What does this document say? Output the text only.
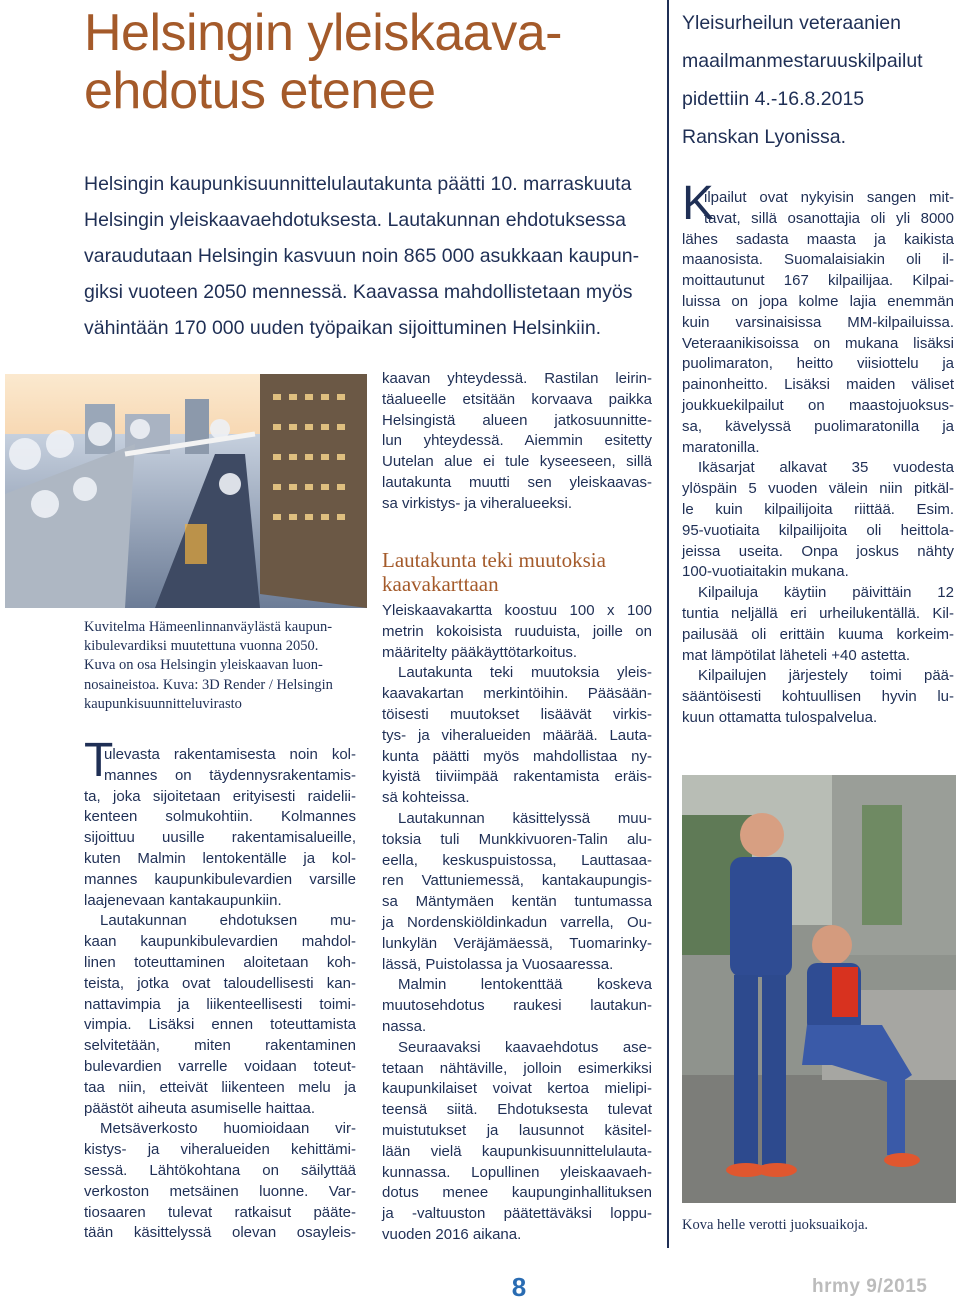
Helsingin yleiskaava-
ehdotus etenee
Helsingin kaupunkisuunnittelulautakunta päätti 10. marraskuuta
Helsingin yleiskaavaehdotuksesta. Lautakunnan ehdotuksessa
varaudutaan Helsingin kasvuun noin 865 000 asukkaan kaupun-
giksi vuoteen 2050 mennessä. Kaavassa mahdollistetaan myös
vähintään 170 000 uuden työpaikan sijoittuminen Helsinkiin.
Kuvitelma Hämeenlinnanväylästä kaupun-
kibulevardiksi muutettuna vuonna 2050.
Kuva on osa Helsingin yleiskaavan luon-
nosaineistoa. Kuva: 3D Render / Helsingin
kaupunkisuunnitteluvirasto
T
ulevasta rakentamisesta noin kol-
mannes on täydennysrakentamis-
ta, joka sijoitetaan erityisesti raidelii-
kenteen solmukohtiin. Kolmannes
sijoittuu uusille rakentamisalueille,
kuten Malmin lentokentälle ja kol-
mannes kaupunkibulevardien varsille
laajenevaan kantakaupunkiin.
Lautakunnan ehdotuksen mu-
kaan kaupunkibulevardien mahdol-
linen toteuttaminen aloitetaan koh-
teista, jotka ovat taloudellisesti kan-
nattavimpia ja liikenteellisesti toimi-
vimpia. Lisäksi ennen toteuttamista
selvitetään, miten rakentaminen
bulevardien varrelle voidaan toteut-
taa niin, etteivät liikenteen melu ja
päästöt aiheuta asumiselle haittaa.
Metsäverkosto huomioidaan vir-
kistys- ja viheralueiden kehittämi-
sessä. Lähtökohtana on säilyttää
verkoston metsäinen luonne. Var-
tiosaaren tulevat ratkaisut pääte-
tään käsittelyssä olevan osayleis-
kaavan yhteydessä. Rastilan leirin-
täalueelle etsitään korvaava paikka
Helsingistä alueen jatkosuunnitte-
lun yhteydessä. Aiemmin esitetty
Uutelan alue ei tule kyseeseen, sillä
lautakunta muutti sen yleiskaavas-
sa virkistys- ja viheralueeksi.
Lautakunta teki muutoksia
kaavakarttaan
Yleiskaavakartta koostuu 100 x 100
metrin kokoisista ruuduista, joille on
määritelty pääkäyttötarkoitus.
Lautakunta teki muutoksia yleis-
kaavakartan merkintöihin. Pääsään-
töisesti muutokset lisäävät virkis-
tys- ja viheralueiden määrää. Lauta-
kunta päätti myös mahdollistaa ny-
kyistä tiiviimpää rakentamista eräis-
sä kohteissa.
Lautakunnan käsittelyssä muu-
toksia tuli Munkkivuoren-Talin alu-
eella, keskuspuistossa, Lauttasaa-
ren Vattuniemessä, kantakaupungis-
sa Mäntymäen kentän tuntumassa
ja Nordenskiöldinkadun varrella, Ou-
lunkylän Veräjämäessä, Tuomarinky-
lässä, Puistolassa ja Vuosaaressa.
Malmin lentokenttää koskeva
muutosehdotus raukesi lautakun-
nassa.
Seuraavaksi kaavaehdotus ase-
tetaan nähtäville, jolloin esimerkiksi
kaupunkilaiset voivat kertoa mielipi-
teensä siitä. Ehdotuksesta tulevat
muistutukset ja lausunnot käsitel-
lään vielä kaupunkisuunnittelulauta-
kunnassa. Lopullinen yleiskaavaeh-
dotus menee kaupunginhallituksen
ja -valtuuston päätettäväksi loppu-
vuoden 2016 aikana.
Yleisurheilun veteraanien
maailmanmestaruuskilpailut
pidettiin 4.-16.8.2015
Ranskan Lyonissa.
K
ilpailut ovat nykyisin sangen mit-
tavat, sillä osanottajia oli yli 8000
lähes sadasta maasta ja kaikista
maanosista. Suomalaisiakin oli il-
moittautunut 167 kilpailijaa. Kilpai-
luissa on jopa kolme lajia enemmän
kuin varsinaisissa MM-kilpailuissa.
Veteraanikisoissa on mukana lisäksi
puolimaraton, heitto viisiottelu ja
painonheitto. Lisäksi maiden väliset
joukkuekilpailut on maastojuoksus-
sa, kävelyssä puolimaratonilla ja
maratonilla.
Ikäsarjat alkavat 35 vuodesta
ylöspäin 5 vuoden välein niin pitkäl-
le kuin kilpailijoita riittää. Esim.
95-vuotiaita kilpailijoita oli heittola-
jeissa useita. Onpa joskus nähty
100-vuotiaitakin mukana.
Kilpailuja käytiin päivittäin 12
tuntia neljällä eri urheilukentällä. Kil-
pailusää oli erittäin kuuma korkeim-
mat lämpötilat läheteli +40 astetta.
Kilpailujen järjestely toimi pää-
sääntöisesti kohtuullisen hyvin lu-
kuun ottamatta tulospalvelua.
Kova helle verotti juoksuaikoja.
8	hrmy 9/2015
